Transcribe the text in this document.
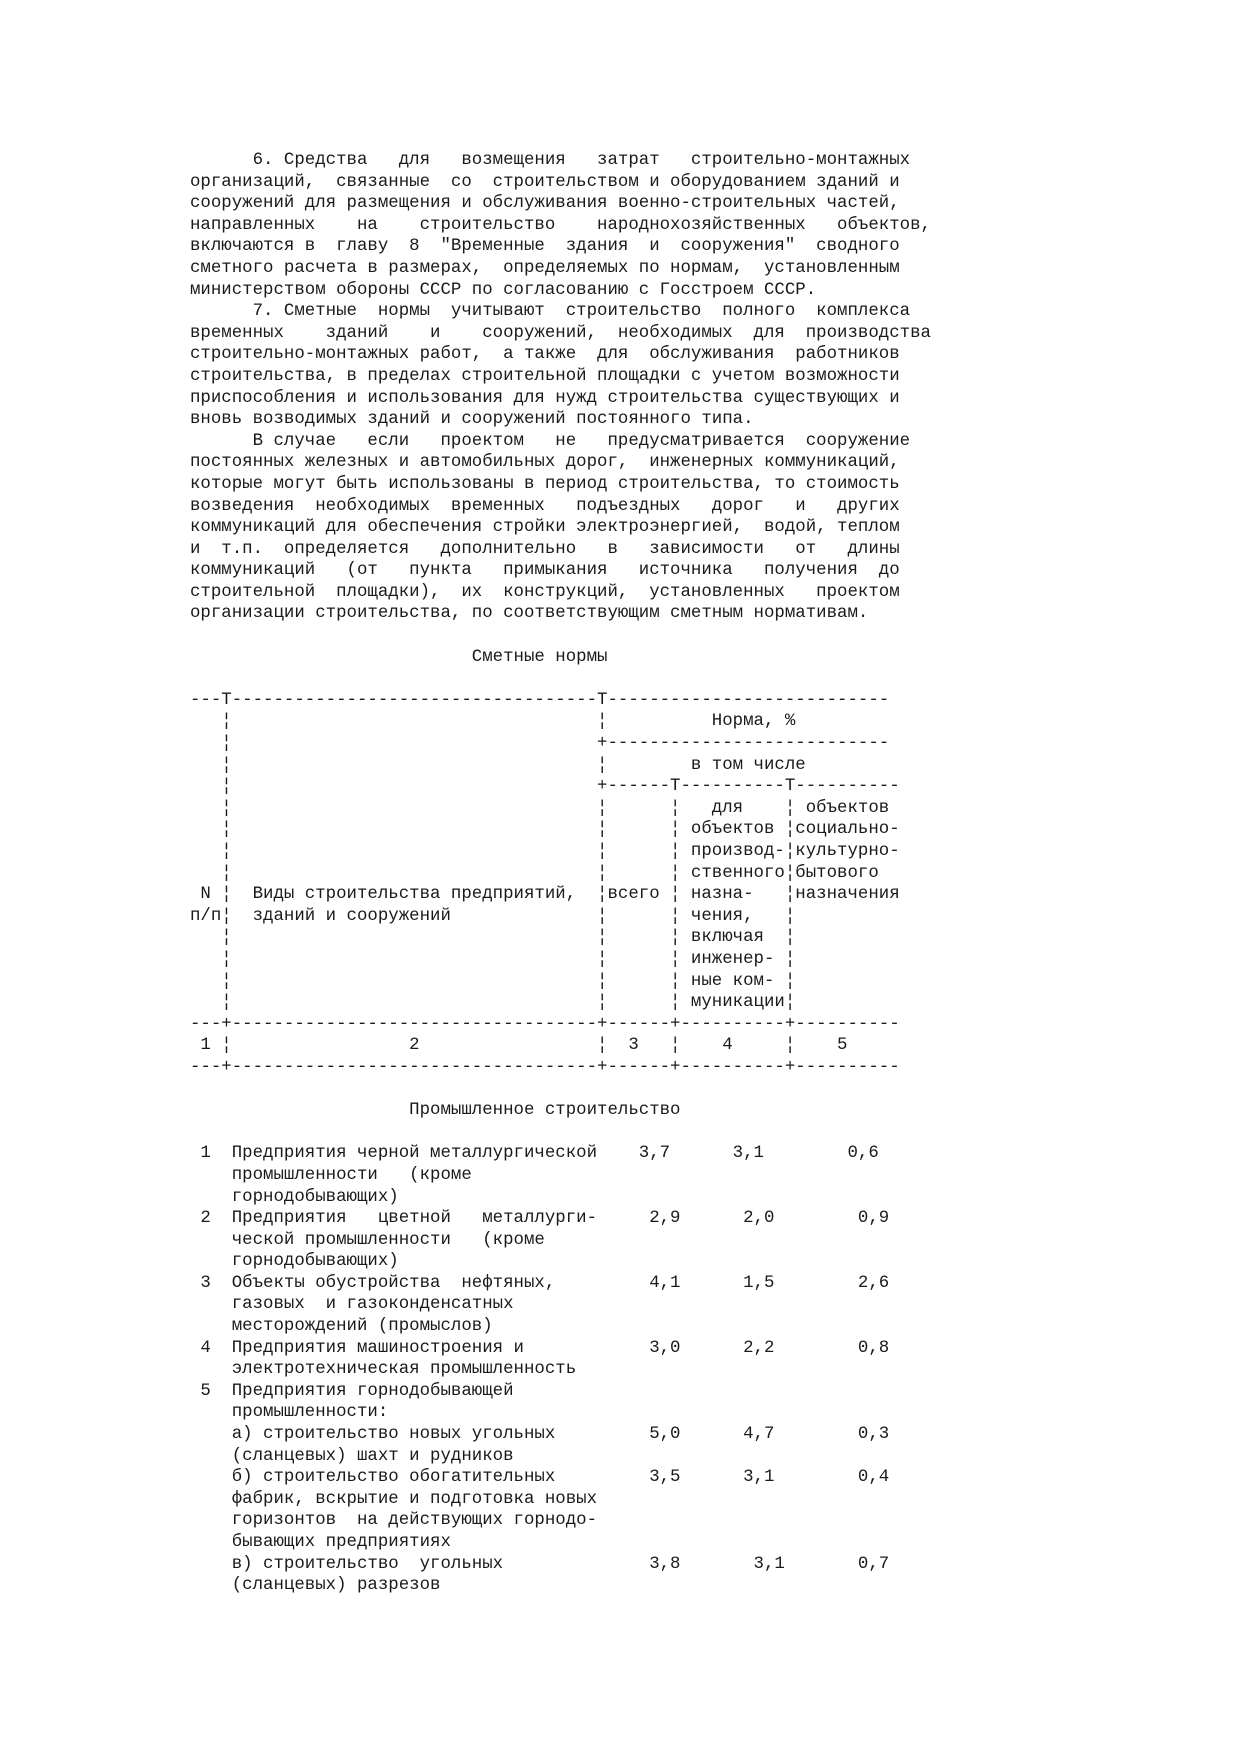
6. Средства   для   возмещения   затрат   строительно-монтажных
организаций,  связанные  со  строительством и оборудованием зданий и
сооружений для размещения и обслуживания военно-строительных частей,
направленных    на    строительство    народнохозяйственных   объектов,
включаются в  главу  8  "Временные  здания  и  сооружения"  сводного
сметного расчета в размерах,  определяемых по нормам,  установленным
министерством обороны СССР по согласованию с Госстроем СССР.
7. Сметные  нормы  учитывают  строительство  полного  комплекса
временных    зданий    и    сооружений,  необходимых  для  производства
строительно-монтажных работ,  а также  для  обслуживания  работников
строительства, в пределах строительной площадки с учетом возможности
приспособления и использования для нужд строительства существующих и
вновь возводимых зданий и сооружений постоянного типа.
В случае   если   проектом   не   предусматривается  сооружение
постоянных железных и автомобильных дорог,  инженерных коммуникаций,
которые могут быть использованы в период строительства, то стоимость
возведения  необходимых  временных   подъездных   дорог   и   других
коммуникаций для обеспечения стройки электроэнергией,  водой, теплом
и  т.п.  определяется   дополнительно   в   зависимости   от   длины
коммуникаций   (от   пункта   примыкания   источника   получения  до
строительной  площадки),  их  конструкций,  установленных   проектом
организации строительства, по соответствующим сметным нормативам.

Сметные нормы

---T-----------------------------------T---------------------------
¦                                   ¦          Норма, %
¦                                   +---------------------------
¦                                   ¦        в том числе
¦                                   +------T----------T----------
¦                                   ¦      ¦   для    ¦ объектов
¦                                   ¦      ¦ объектов ¦социально-
¦                                   ¦      ¦ производ-¦культурно-
¦                                   ¦      ¦ ственного¦бытового
N ¦  Виды строительства предприятий,  ¦всего ¦ назна-   ¦назначения
п/п¦  зданий и сооружений              ¦      ¦ чения,   ¦
¦                                   ¦      ¦ включая  ¦
¦                                   ¦      ¦ инженер- ¦
¦                                   ¦      ¦ ные ком- ¦
¦                                   ¦      ¦ муникации¦
---+-----------------------------------+------+----------+----------
1 ¦                 2                 ¦  3   ¦    4     ¦    5
---+-----------------------------------+------+----------+----------

Промышленное строительство

1  Предприятия черной металлургической    3,7      3,1        0,6
промышленности   (кроме
горнодобывающих)
2  Предприятия   цветной   металлурги-     2,9      2,0        0,9
ческой промышленности   (кроме
горнодобывающих)
3  Объекты обустройства  нефтяных,         4,1      1,5        2,6
газовых  и газоконденсатных
месторождений (промыслов)
4  Предприятия машиностроения и            3,0      2,2        0,8
электротехническая промышленность
5  Предприятия горнодобывающей
промышленности:
а) строительство новых угольных         5,0      4,7        0,3
(сланцевых) шахт и рудников
б) строительство обогатительных         3,5      3,1        0,4
фабрик, вскрытие и подготовка новых
горизонтов  на действующих горнодо-
бывающих предприятиях
в) строительство  угольных              3,8       3,1       0,7
(сланцевых) разрезов
